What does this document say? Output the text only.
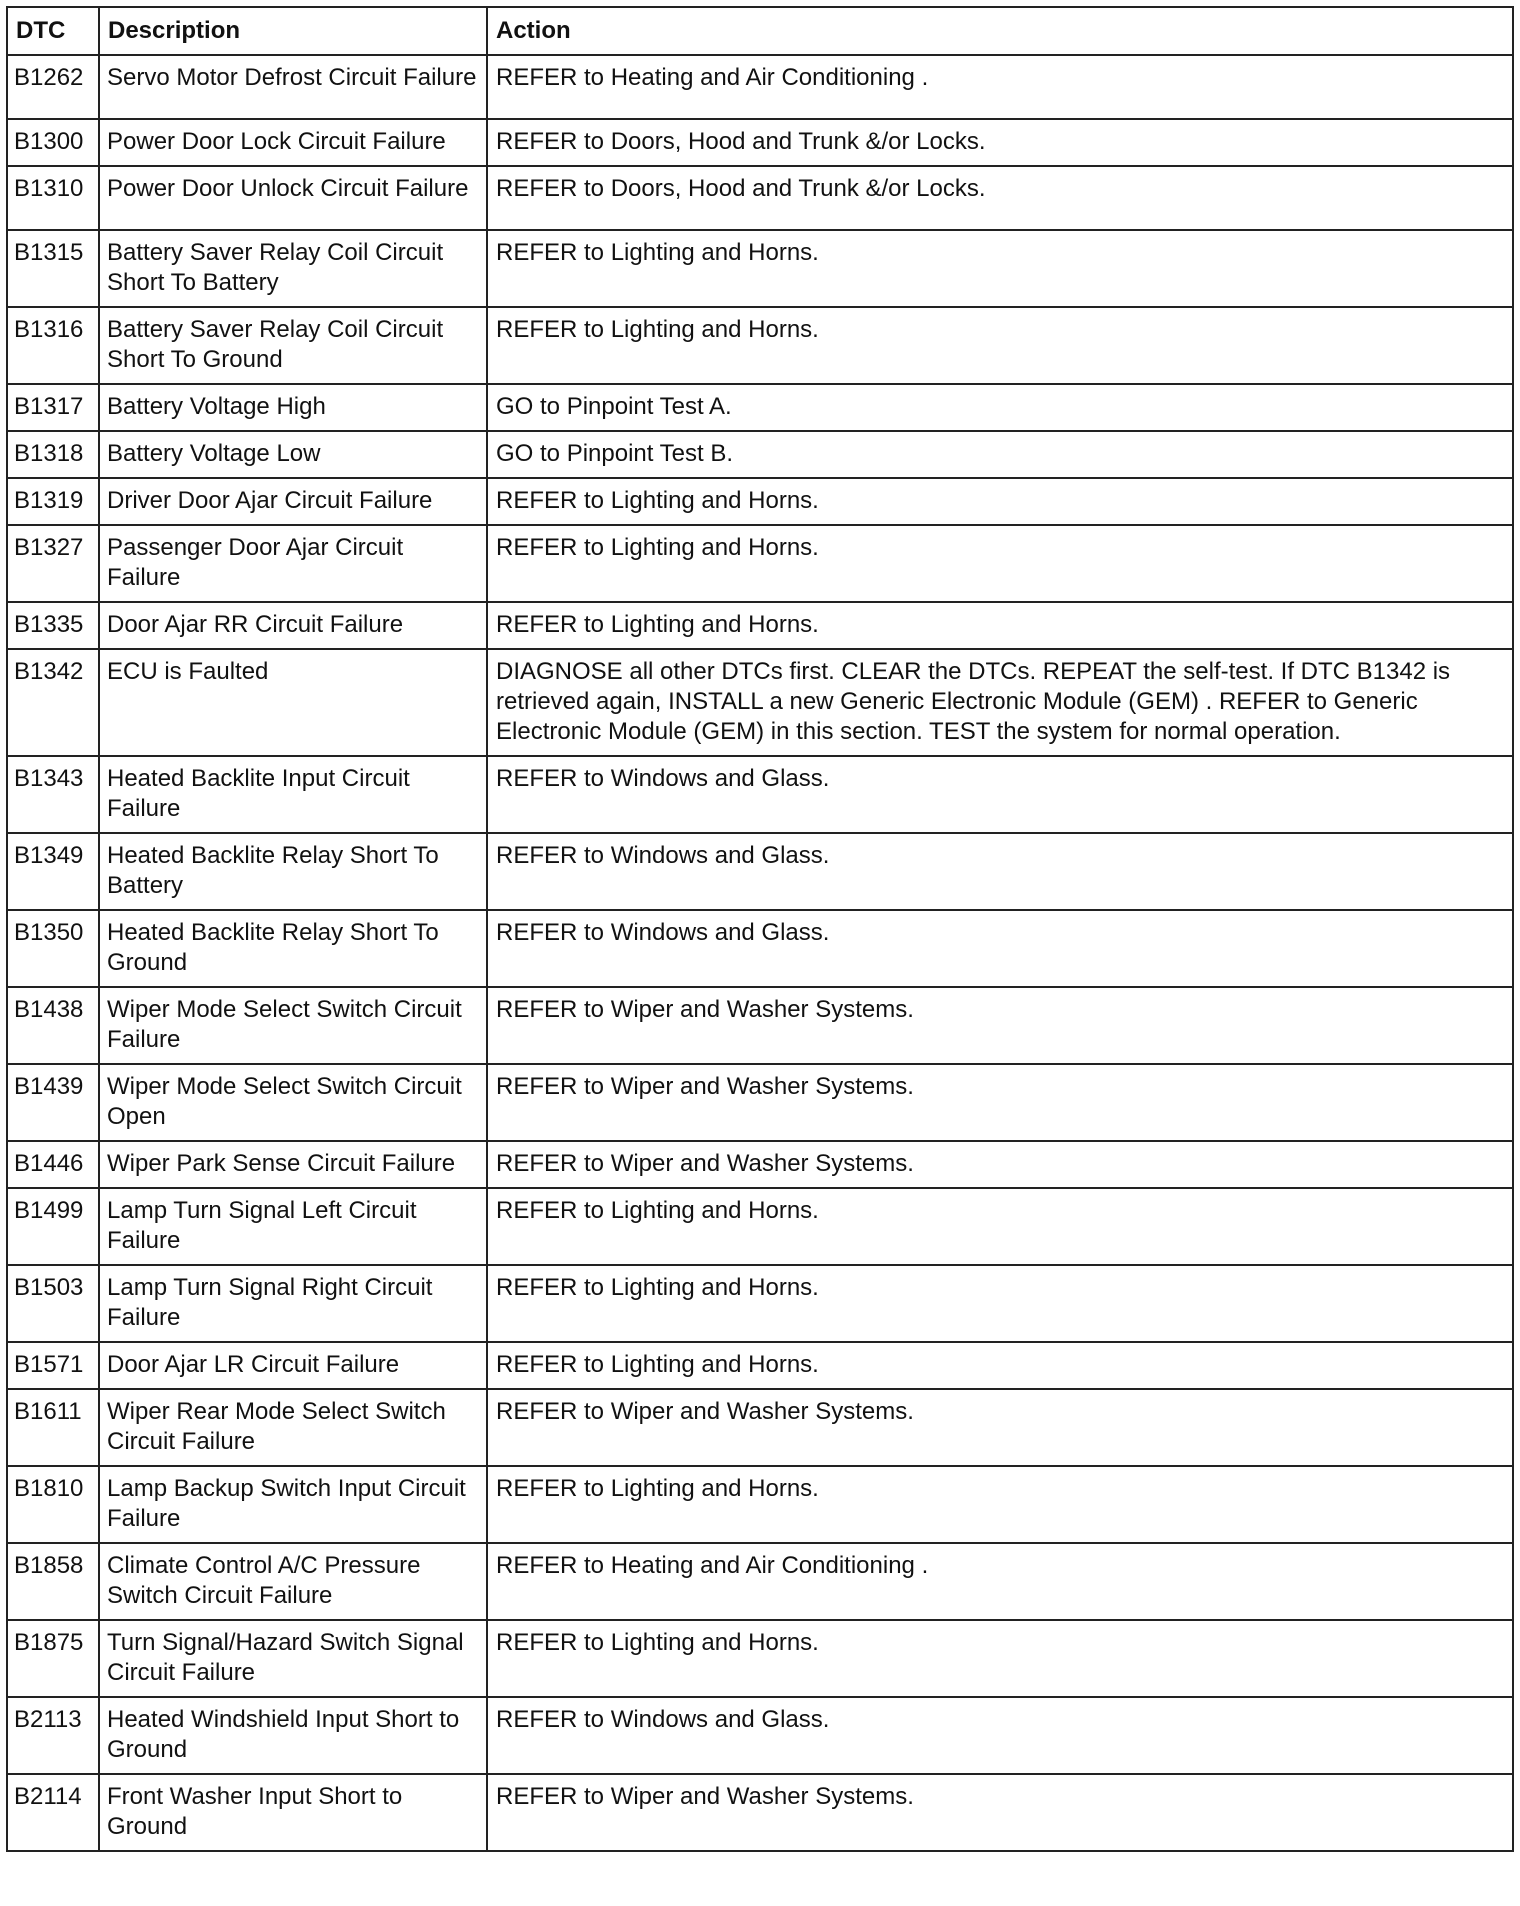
DTC	Description	Action
B1262	Servo Motor Defrost Circuit Failure	REFER to Heating and Air Conditioning .
B1300	Power Door Lock Circuit Failure	REFER to Doors, Hood and Trunk &/or Locks.
B1310	Power Door Unlock Circuit Failure	REFER to Doors, Hood and Trunk &/or Locks.
B1315	Battery Saver Relay Coil Circuit Short To Battery	REFER to Lighting and Horns.
B1316	Battery Saver Relay Coil Circuit Short To Ground	REFER to Lighting and Horns.
B1317	Battery Voltage High	GO to Pinpoint Test A.
B1318	Battery Voltage Low	GO to Pinpoint Test B.
B1319	Driver Door Ajar Circuit Failure	REFER to Lighting and Horns.
B1327	Passenger Door Ajar Circuit Failure	REFER to Lighting and Horns.
B1335	Door Ajar RR Circuit Failure	REFER to Lighting and Horns.
B1342	ECU is Faulted	DIAGNOSE all other DTCs first. CLEAR the DTCs. REPEAT the self-test. If DTC B1342 is retrieved again, INSTALL a new Generic Electronic Module (GEM) . REFER to Generic Electronic Module (GEM) in this section. TEST the system for normal operation.
B1343	Heated Backlite Input Circuit Failure	REFER to Windows and Glass.
B1349	Heated Backlite Relay Short To Battery	REFER to Windows and Glass.
B1350	Heated Backlite Relay Short To Ground	REFER to Windows and Glass.
B1438	Wiper Mode Select Switch Circuit Failure	REFER to Wiper and Washer Systems.
B1439	Wiper Mode Select Switch Circuit Open	REFER to Wiper and Washer Systems.
B1446	Wiper Park Sense Circuit Failure	REFER to Wiper and Washer Systems.
B1499	Lamp Turn Signal Left Circuit Failure	REFER to Lighting and Horns.
B1503	Lamp Turn Signal Right Circuit Failure	REFER to Lighting and Horns.
B1571	Door Ajar LR Circuit Failure	REFER to Lighting and Horns.
B1611	Wiper Rear Mode Select Switch Circuit Failure	REFER to Wiper and Washer Systems.
B1810	Lamp Backup Switch Input Circuit Failure	REFER to Lighting and Horns.
B1858	Climate Control A/C Pressure Switch Circuit Failure	REFER to Heating and Air Conditioning .
B1875	Turn Signal/Hazard Switch Signal Circuit Failure	REFER to Lighting and Horns.
B2113	Heated Windshield Input Short to Ground	REFER to Windows and Glass.
B2114	Front Washer Input Short to Ground	REFER to Wiper and Washer Systems.
